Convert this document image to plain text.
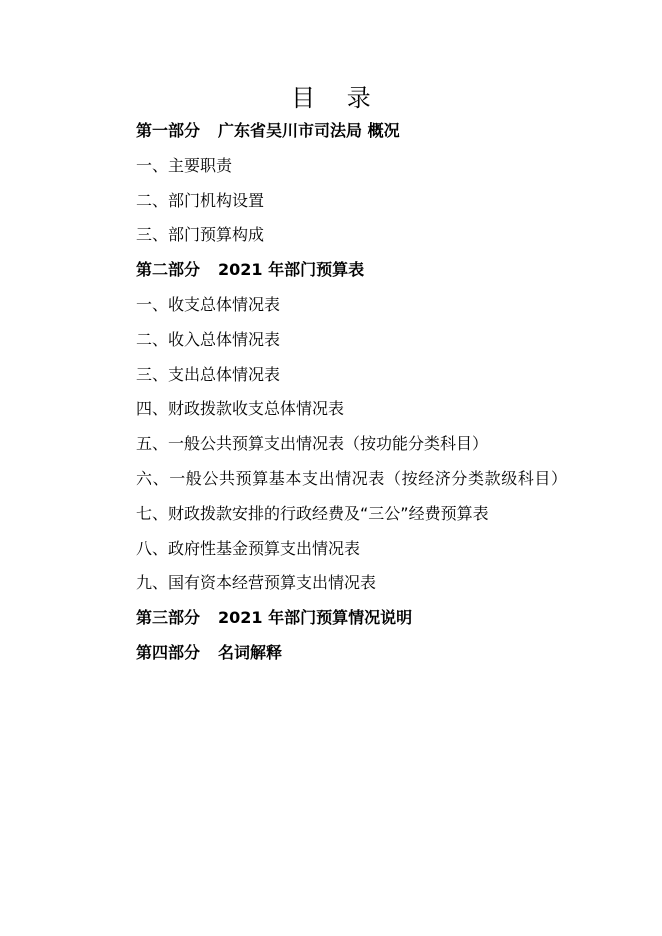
目 录
第一部分 广东省吴川市司法局 概况
一、主要职责
二、部门机构设置
三、部门预算构成
第二部分 2021 年部门预算表
一、收支总体情况表
二、收入总体情况表
三、支出总体情况表
四、财政拨款收支总体情况表
五、一般公共预算支出情况表（按功能分类科目）
六、一般公共预算基本支出情况表（按经济分类款级科目）
七、财政拨款安排的行政经费及“三公”经费预算表
八、政府性基金预算支出情况表
九、国有资本经营预算支出情况表
第三部分 2021 年部门预算情况说明
第四部分 名词解释
